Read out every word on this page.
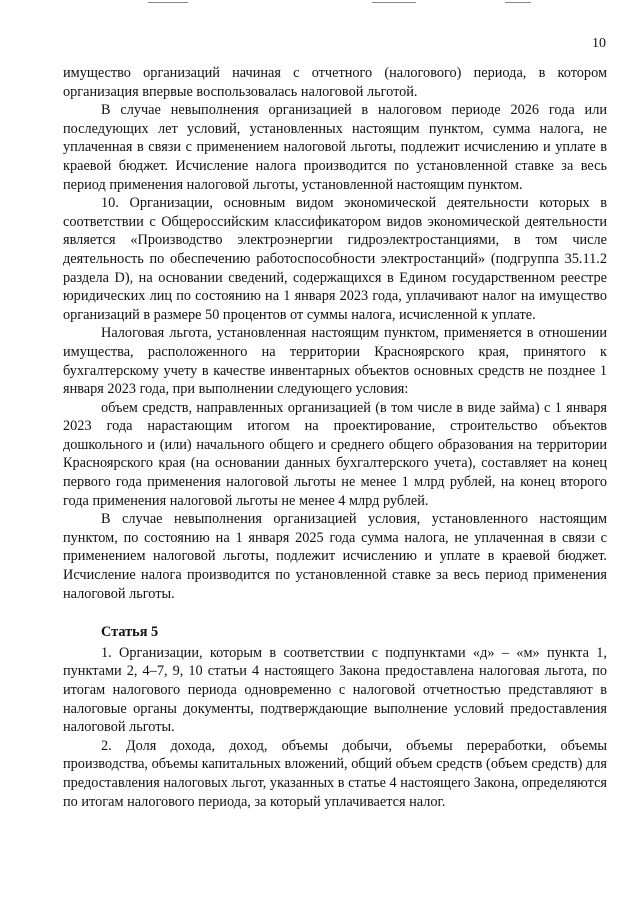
10

имущество организаций начиная с отчетного (налогового) периода, в котором организация впервые воспользовалась налоговой льготой.

В случае невыполнения организацией в налоговом периоде 2026 года или последующих лет условий, установленных настоящим пунктом, сумма налога, не уплаченная в связи с применением налоговой льготы, подлежит исчислению и уплате в краевой бюджет. Исчисление налога производится по установленной ставке за весь период применения налоговой льготы, установленной настоящим пунктом.

10. Организации, основным видом экономической деятельности которых в соответствии с Общероссийским классификатором видов экономической деятельности является «Производство электроэнергии гидроэлектростанциями, в том числе деятельность по обеспечению работоспособности электростанций» (подгруппа 35.11.2 раздела D), на основании сведений, содержащихся в Едином государственном реестре юридических лиц по состоянию на 1 января 2023 года, уплачивают налог на имущество организаций в размере 50 процентов от суммы налога, исчисленной к уплате.

Налоговая льгота, установленная настоящим пунктом, применяется в отношении имущества, расположенного на территории Красноярского края, принятого к бухгалтерскому учету в качестве инвентарных объектов основных средств не позднее 1 января 2023 года, при выполнении следующего условия:

объем средств, направленных организацией (в том числе в виде займа) с 1 января 2023 года нарастающим итогом на проектирование, строительство объектов дошкольного и (или) начального общего и среднего общего образования на территории Красноярского края (на основании данных бухгалтерского учета), составляет на конец первого года применения налоговой льготы не менее 1 млрд рублей, на конец второго года применения налоговой льготы не менее 4 млрд рублей.

В случае невыполнения организацией условия, установленного настоящим пунктом, по состоянию на 1 января 2025 года сумма налога, не уплаченная в связи с применением налоговой льготы, подлежит исчислению и уплате в краевой бюджет. Исчисление налога производится по установленной ставке за весь период применения налоговой льготы.

Статья 5

1. Организации, которым в соответствии с подпунктами «д» – «м» пункта 1, пунктами 2, 4–7, 9, 10 статьи 4 настоящего Закона предоставлена налоговая льгота, по итогам налогового периода одновременно с налоговой отчетностью представляют в налоговые органы документы, подтверждающие выполнение условий предоставления налоговой льготы.

2. Доля дохода, доход, объемы добычи, объемы переработки, объемы производства, объемы капитальных вложений, общий объем средств (объем средств) для предоставления налоговых льгот, указанных в статье 4 настоящего Закона, определяются по итогам налогового периода, за который уплачивается налог.
